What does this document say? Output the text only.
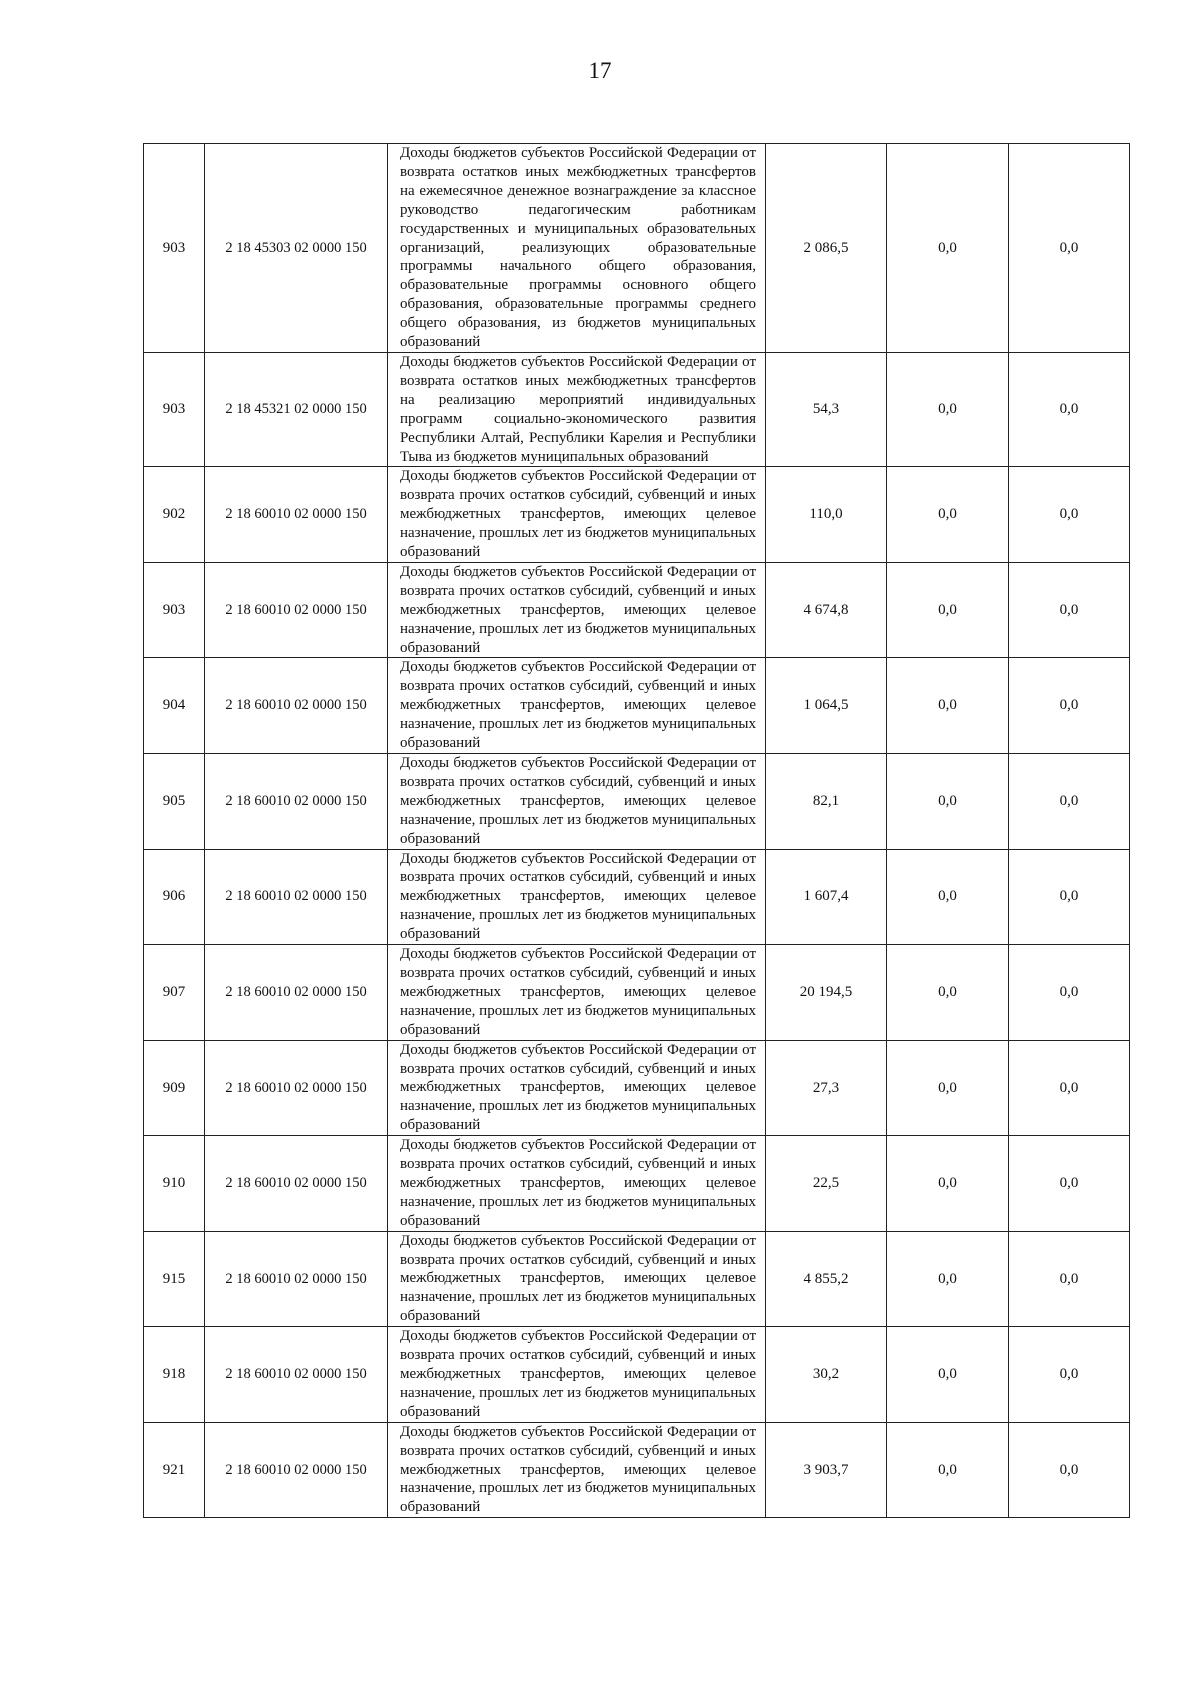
17
903	2 18 45303 02 0000 150	Доходы бюджетов субъектов Российской Федерации от возврата остатков иных межбюджетных трансфертов на ежемесячное денежное вознаграждение за классное руководство педагогическим работникам государственных и муниципальных образовательных организаций, реализующих образовательные программы начального общего образования, образовательные программы основного общего образования, образовательные программы среднего общего образования, из бюджетов муниципальных образований	2 086,5	0,0	0,0
903	2 18 45321 02 0000 150	Доходы бюджетов субъектов Российской Федерации от возврата остатков иных межбюджетных трансфертов на реализацию мероприятий индивидуальных программ социально-экономического развития Республики Алтай, Республики Карелия и Республики Тыва из бюджетов муниципальных образований	54,3	0,0	0,0
902	2 18 60010 02 0000 150	Доходы бюджетов субъектов Российской Федерации от возврата прочих остатков субсидий, субвенций и иных межбюджетных трансфертов, имеющих целевое назначение, прошлых лет из бюджетов муниципальных образований	110,0	0,0	0,0
903	2 18 60010 02 0000 150	Доходы бюджетов субъектов Российской Федерации от возврата прочих остатков субсидий, субвенций и иных межбюджетных трансфертов, имеющих целевое назначение, прошлых лет из бюджетов муниципальных образований	4 674,8	0,0	0,0
904	2 18 60010 02 0000 150	Доходы бюджетов субъектов Российской Федерации от возврата прочих остатков субсидий, субвенций и иных межбюджетных трансфертов, имеющих целевое назначение, прошлых лет из бюджетов муниципальных образований	1 064,5	0,0	0,0
905	2 18 60010 02 0000 150	Доходы бюджетов субъектов Российской Федерации от возврата прочих остатков субсидий, субвенций и иных межбюджетных трансфертов, имеющих целевое назначение, прошлых лет из бюджетов муниципальных образований	82,1	0,0	0,0
906	2 18 60010 02 0000 150	Доходы бюджетов субъектов Российской Федерации от возврата прочих остатков субсидий, субвенций и иных межбюджетных трансфертов, имеющих целевое назначение, прошлых лет из бюджетов муниципальных образований	1 607,4	0,0	0,0
907	2 18 60010 02 0000 150	Доходы бюджетов субъектов Российской Федерации от возврата прочих остатков субсидий, субвенций и иных межбюджетных трансфертов, имеющих целевое назначение, прошлых лет из бюджетов муниципальных образований	20 194,5	0,0	0,0
909	2 18 60010 02 0000 150	Доходы бюджетов субъектов Российской Федерации от возврата прочих остатков субсидий, субвенций и иных межбюджетных трансфертов, имеющих целевое назначение, прошлых лет из бюджетов муниципальных образований	27,3	0,0	0,0
910	2 18 60010 02 0000 150	Доходы бюджетов субъектов Российской Федерации от возврата прочих остатков субсидий, субвенций и иных межбюджетных трансфертов, имеющих целевое назначение, прошлых лет из бюджетов муниципальных образований	22,5	0,0	0,0
915	2 18 60010 02 0000 150	Доходы бюджетов субъектов Российской Федерации от возврата прочих остатков субсидий, субвенций и иных межбюджетных трансфертов, имеющих целевое назначение, прошлых лет из бюджетов муниципальных образований	4 855,2	0,0	0,0
918	2 18 60010 02 0000 150	Доходы бюджетов субъектов Российской Федерации от возврата прочих остатков субсидий, субвенций и иных межбюджетных трансфертов, имеющих целевое назначение, прошлых лет из бюджетов муниципальных образований	30,2	0,0	0,0
921	2 18 60010 02 0000 150	Доходы бюджетов субъектов Российской Федерации от возврата прочих остатков субсидий, субвенций и иных межбюджетных трансфертов, имеющих целевое назначение, прошлых лет из бюджетов муниципальных образований	3 903,7	0,0	0,0
